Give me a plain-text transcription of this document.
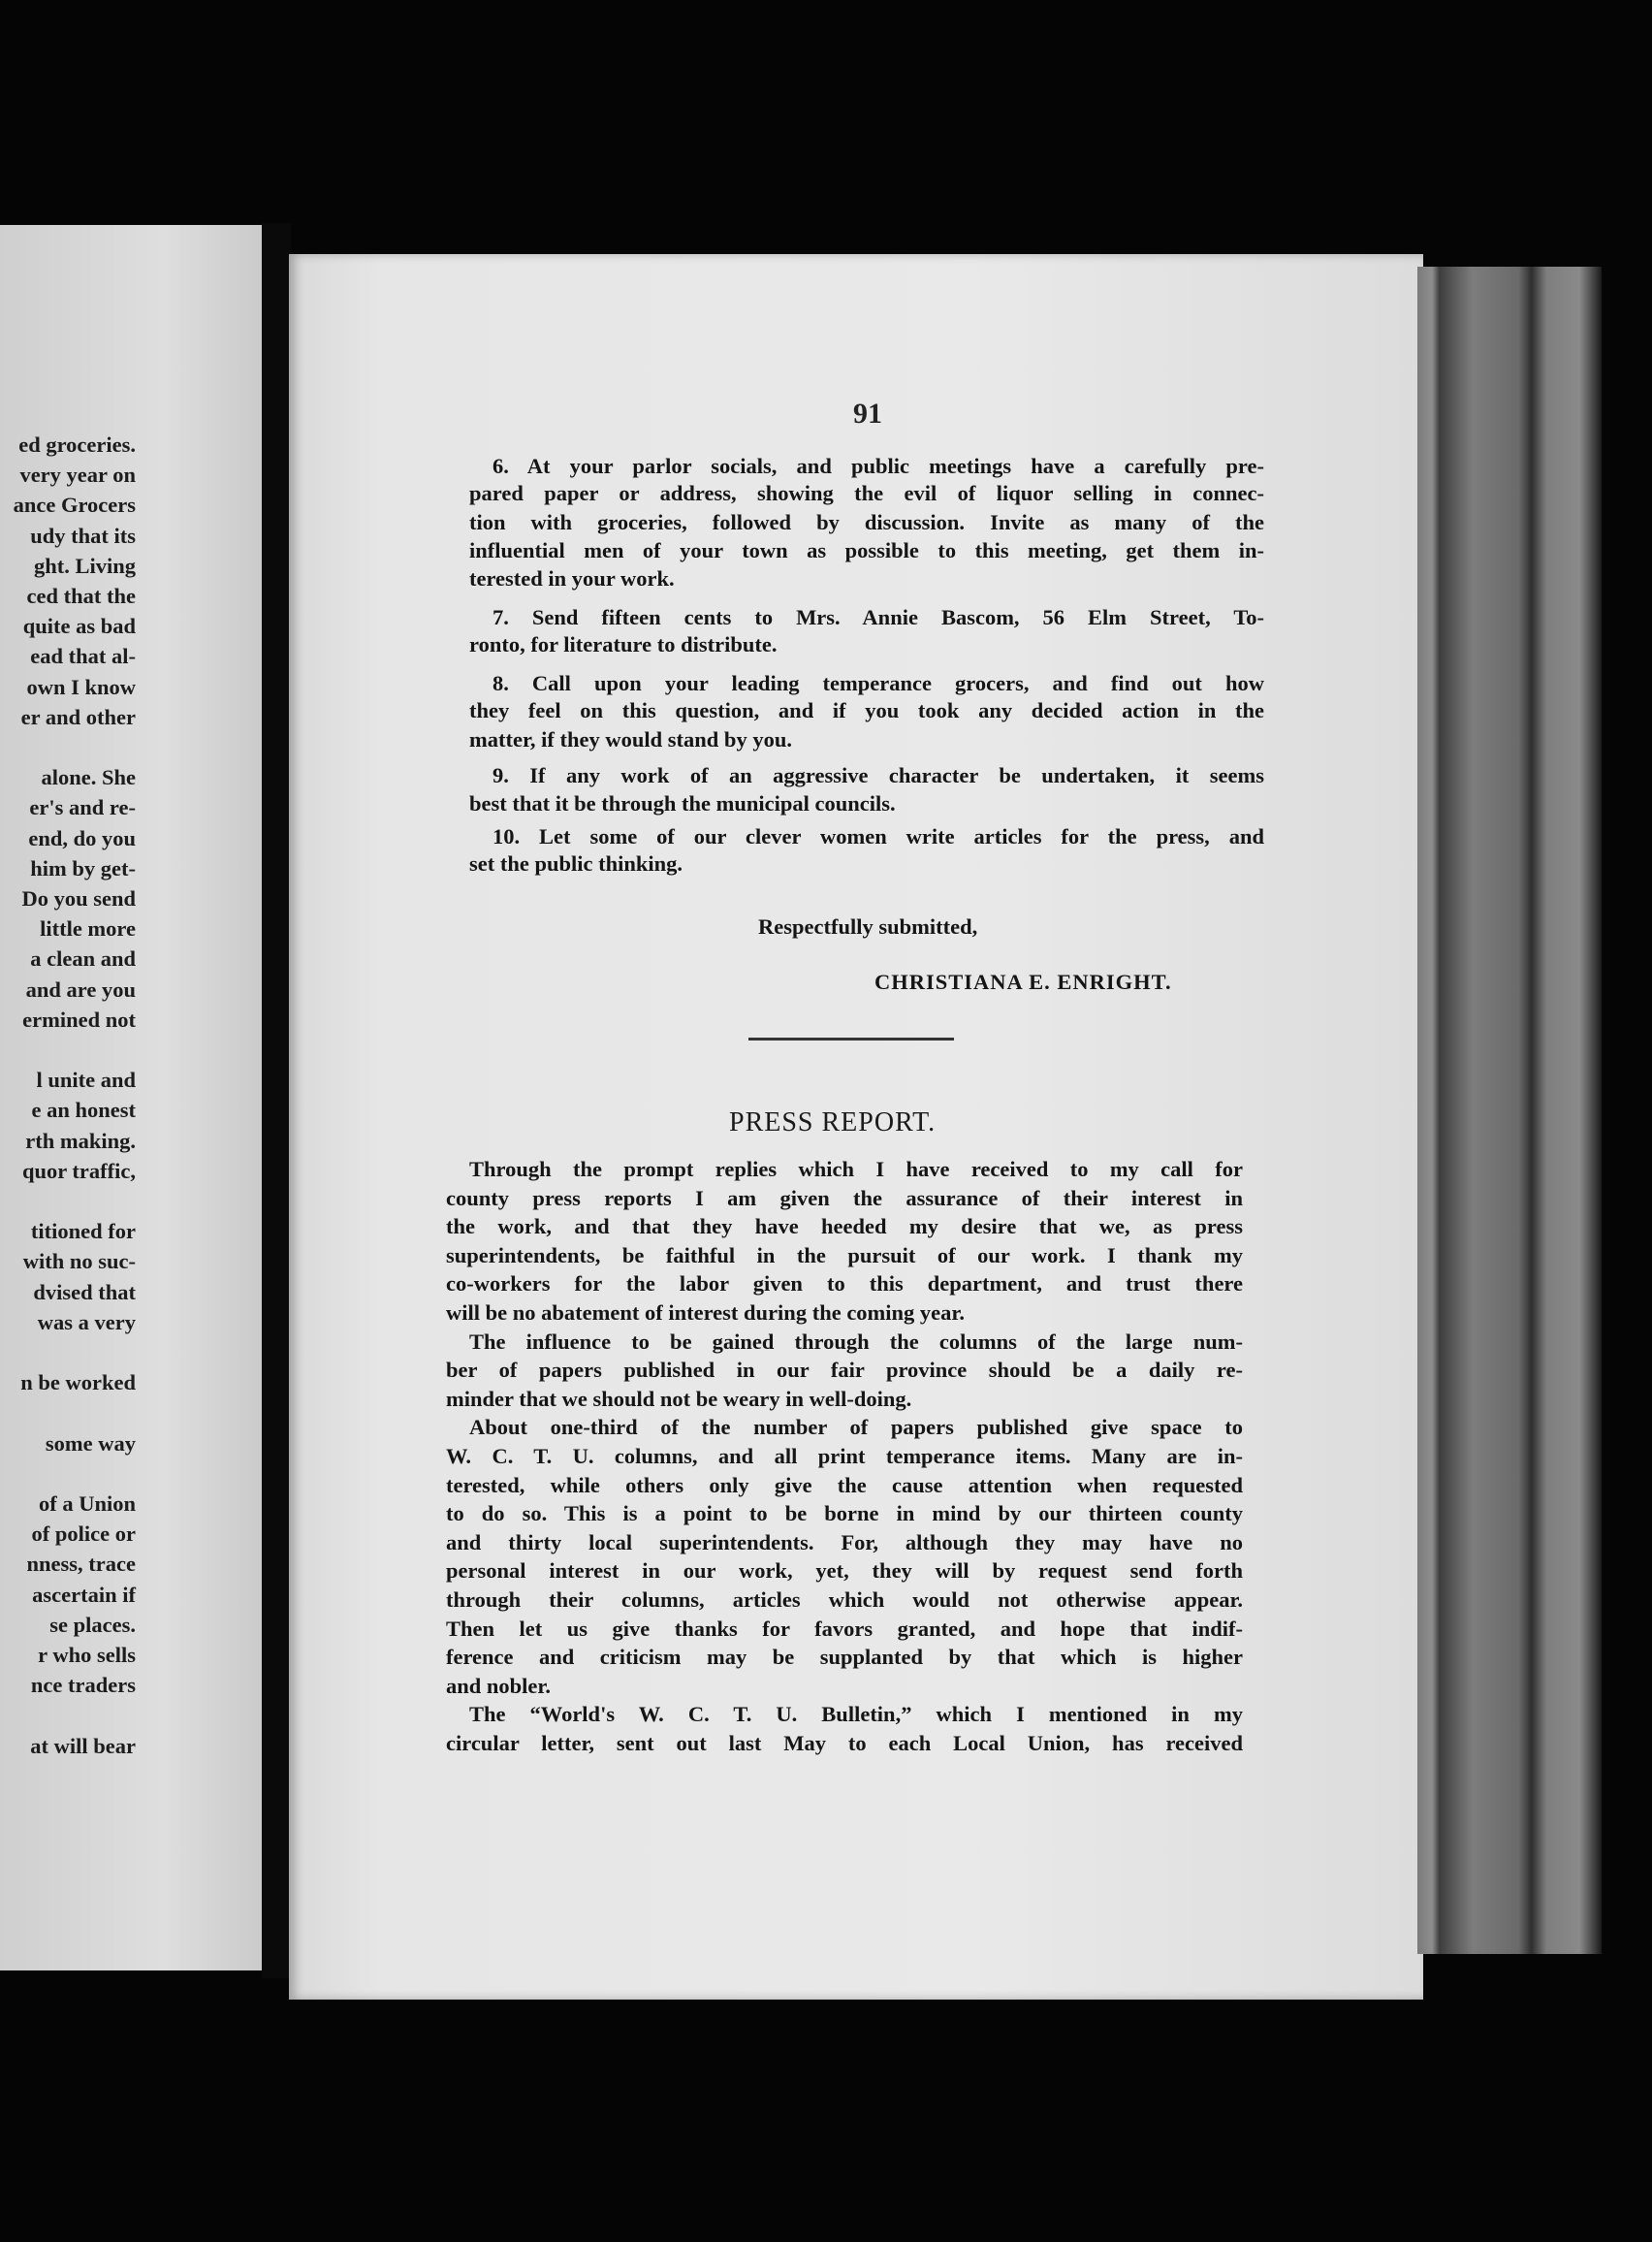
ed groceries.
very year on
ance Grocers
udy that its
ght. Living
ced that the
quite as bad
ead that al-
own I know
er and other
alone. She
er's and re-
end, do you
him by get-
Do you send
little more
a clean and
and are you
ermined not
l unite and
e an honest
rth making.
quor traffic,
titioned for
with no suc-
dvised that
was a very
n be worked
some way
of a Union
of police or
nness, trace
ascertain if
se places.
r who sells
nce traders
at will bear
91
6. At your parlor socials, and public meetings have a carefully pre-
pared paper or address, showing the evil of liquor selling in connec-
tion with groceries, followed by discussion. Invite as many of the
influential men of your town as possible to this meeting, get them in-
terested in your work.
7. Send fifteen cents to Mrs. Annie Bascom, 56 Elm Street, To-
ronto, for literature to distribute.
8. Call upon your leading temperance grocers, and find out how
they feel on this question, and if you took any decided action in the
matter, if they would stand by you.
9. If any work of an aggressive character be undertaken, it seems
best that it be through the municipal councils.
10. Let some of our clever women write articles for the press, and
set the public thinking.
Respectfully submitted,
CHRISTIANA E. ENRIGHT.
PRESS REPORT.
Through the prompt replies which I have received to my call for
county press reports I am given the assurance of their interest in
the work, and that they have heeded my desire that we, as press
superintendents, be faithful in the pursuit of our work. I thank my
co-workers for the labor given to this department, and trust there
will be no abatement of interest during the coming year.
The influence to be gained through the columns of the large num-
ber of papers published in our fair province should be a daily re-
minder that we should not be weary in well-doing.
About one-third of the number of papers published give space to
W. C. T. U. columns, and all print temperance items. Many are in-
terested, while others only give the cause attention when requested
to do so. This is a point to be borne in mind by our thirteen county
and thirty local superintendents. For, although they may have no
personal interest in our work, yet, they will by request send forth
through their columns, articles which would not otherwise appear.
Then let us give thanks for favors granted, and hope that indif-
ference and criticism may be supplanted by that which is higher
and nobler.
The “World's W. C. T. U. Bulletin,” which I mentioned in my
circular letter, sent out last May to each Local Union, has received
